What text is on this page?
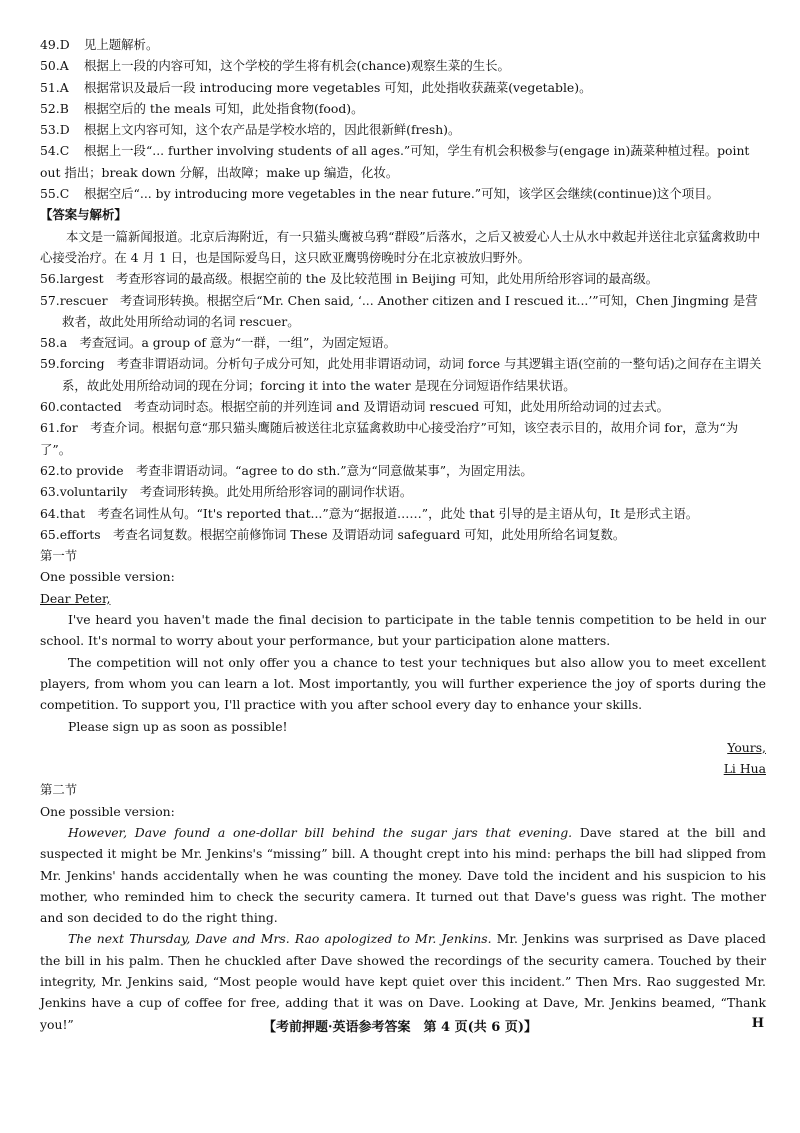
49.D 见上题解析。
50.A 根据上一段的内容可知，这个学校的学生将有机会(chance)观察生菜的生长。
51.A 根据常识及最后一段 introducing more vegetables 可知，此处指收获蔬菜(vegetable)。
52.B 根据空后的 the meals 可知，此处指食物(food)。
53.D 根据上文内容可知，这个农产品是学校水培的，因此很新鲜(fresh)。
54.C 根据上一段“... further involving students of all ages.”可知，学生有机会积极参与(engage in)蔬菜种植过程。point out 指出；break down 分解，出故障；make up 编造，化妆。
55.C 根据空后“... by introducing more vegetables in the near future.”可知，该学区会继续(continue)这个项目。
【答案与解析】
本文是一篇新闻报道。北京后海附近，有一只猫头鹰被乌鸦“群殴”后落水，之后又被爱心人士从水中救起并送往北京猛禽救助中心接受治疗。在 4 月 1 日，也是国际爱鸟日，这只欧亚鹰鸮傍晚时分在北京被放归野外。
56.largest　 考查形容词的最高级。根据空前的 the 及比较范围 in Beijing 可知，此处用所给形容词的最高级。
57.rescuer　 考查词形转换。根据空后“Mr. Chen said, ‘... Another citizen and I rescued it...’”可知，Chen Jingming 是营救者，故此处用所给动词的名词 rescuer。
58.a　 考查冠词。a group of 意为“一群，一组”，为固定短语。
59.forcing　 考查非谓语动词。分析句子成分可知，此处用非谓语动词，动词 force 与其逻辑主语(空前的一整句话)之间存在主谓关系，故此处用所给动词的现在分词；forcing it into the water 是现在分词短语作结果状语。
60.contacted　 考查动词时态。根据空前的并列连词 and 及谓语动词 rescued 可知，此处用所给动词的过去式。
61.for　 考查介词。根据句意“那只猫头鹰随后被送往北京猛禽救助中心接受治疗”可知，该空表示目的，故用介词 for，意为“为了”。
62.to provide　 考查非谓语动词。“agree to do sth.”意为“同意做某事”，为固定用法。
63.voluntarily　 考查词形转换。此处用所给形容词的副词作状语。
64.that　 考查名词性从句。“It's reported that...”意为“据报道……”，此处 that 引导的是主语从句，It 是形式主语。
65.efforts　 考查名词复数。根据空前修饰词 These 及谓语动词 safeguard 可知，此处用所给名词复数。
第一节
One possible version:
Dear Peter,

I've heard you haven't made the final decision to participate in the table tennis competition to be held in our school. It's normal to worry about your performance, but your participation alone matters.

The competition will not only offer you a chance to test your techniques but also allow you to meet excellent players, from whom you can learn a lot. Most importantly, you will further experience the joy of sports during the competition. To support you, I'll practice with you after school every day to enhance your skills.

Please sign up as soon as possible!

Yours,
Li Hua
第二节
One possible version:

However, Dave found a one-dollar bill behind the sugar jars that evening. Dave stared at the bill and suspected it might be Mr. Jenkins's “missing” bill. A thought crept into his mind: perhaps the bill had slipped from Mr. Jenkins' hands accidentally when he was counting the money. Dave told the incident and his suspicion to his mother, who reminded him to check the security camera. It turned out that Dave's guess was right. The mother and son decided to do the right thing.

The next Thursday, Dave and Mrs. Rao apologized to Mr. Jenkins. Mr. Jenkins was surprised as Dave placed the bill in his palm. Then he chuckled after Dave showed the recordings of the security camera. Touched by their integrity, Mr. Jenkins said, “Most people would have kept quiet over this incident.” Then Mrs. Rao suggested Mr. Jenkins have a cup of coffee for free, adding that it was on Dave. Looking at Dave, Mr. Jenkins beamed, “Thank you!”	【考前押题·英语参考答案　第 4 页(共 6 页)】	H
